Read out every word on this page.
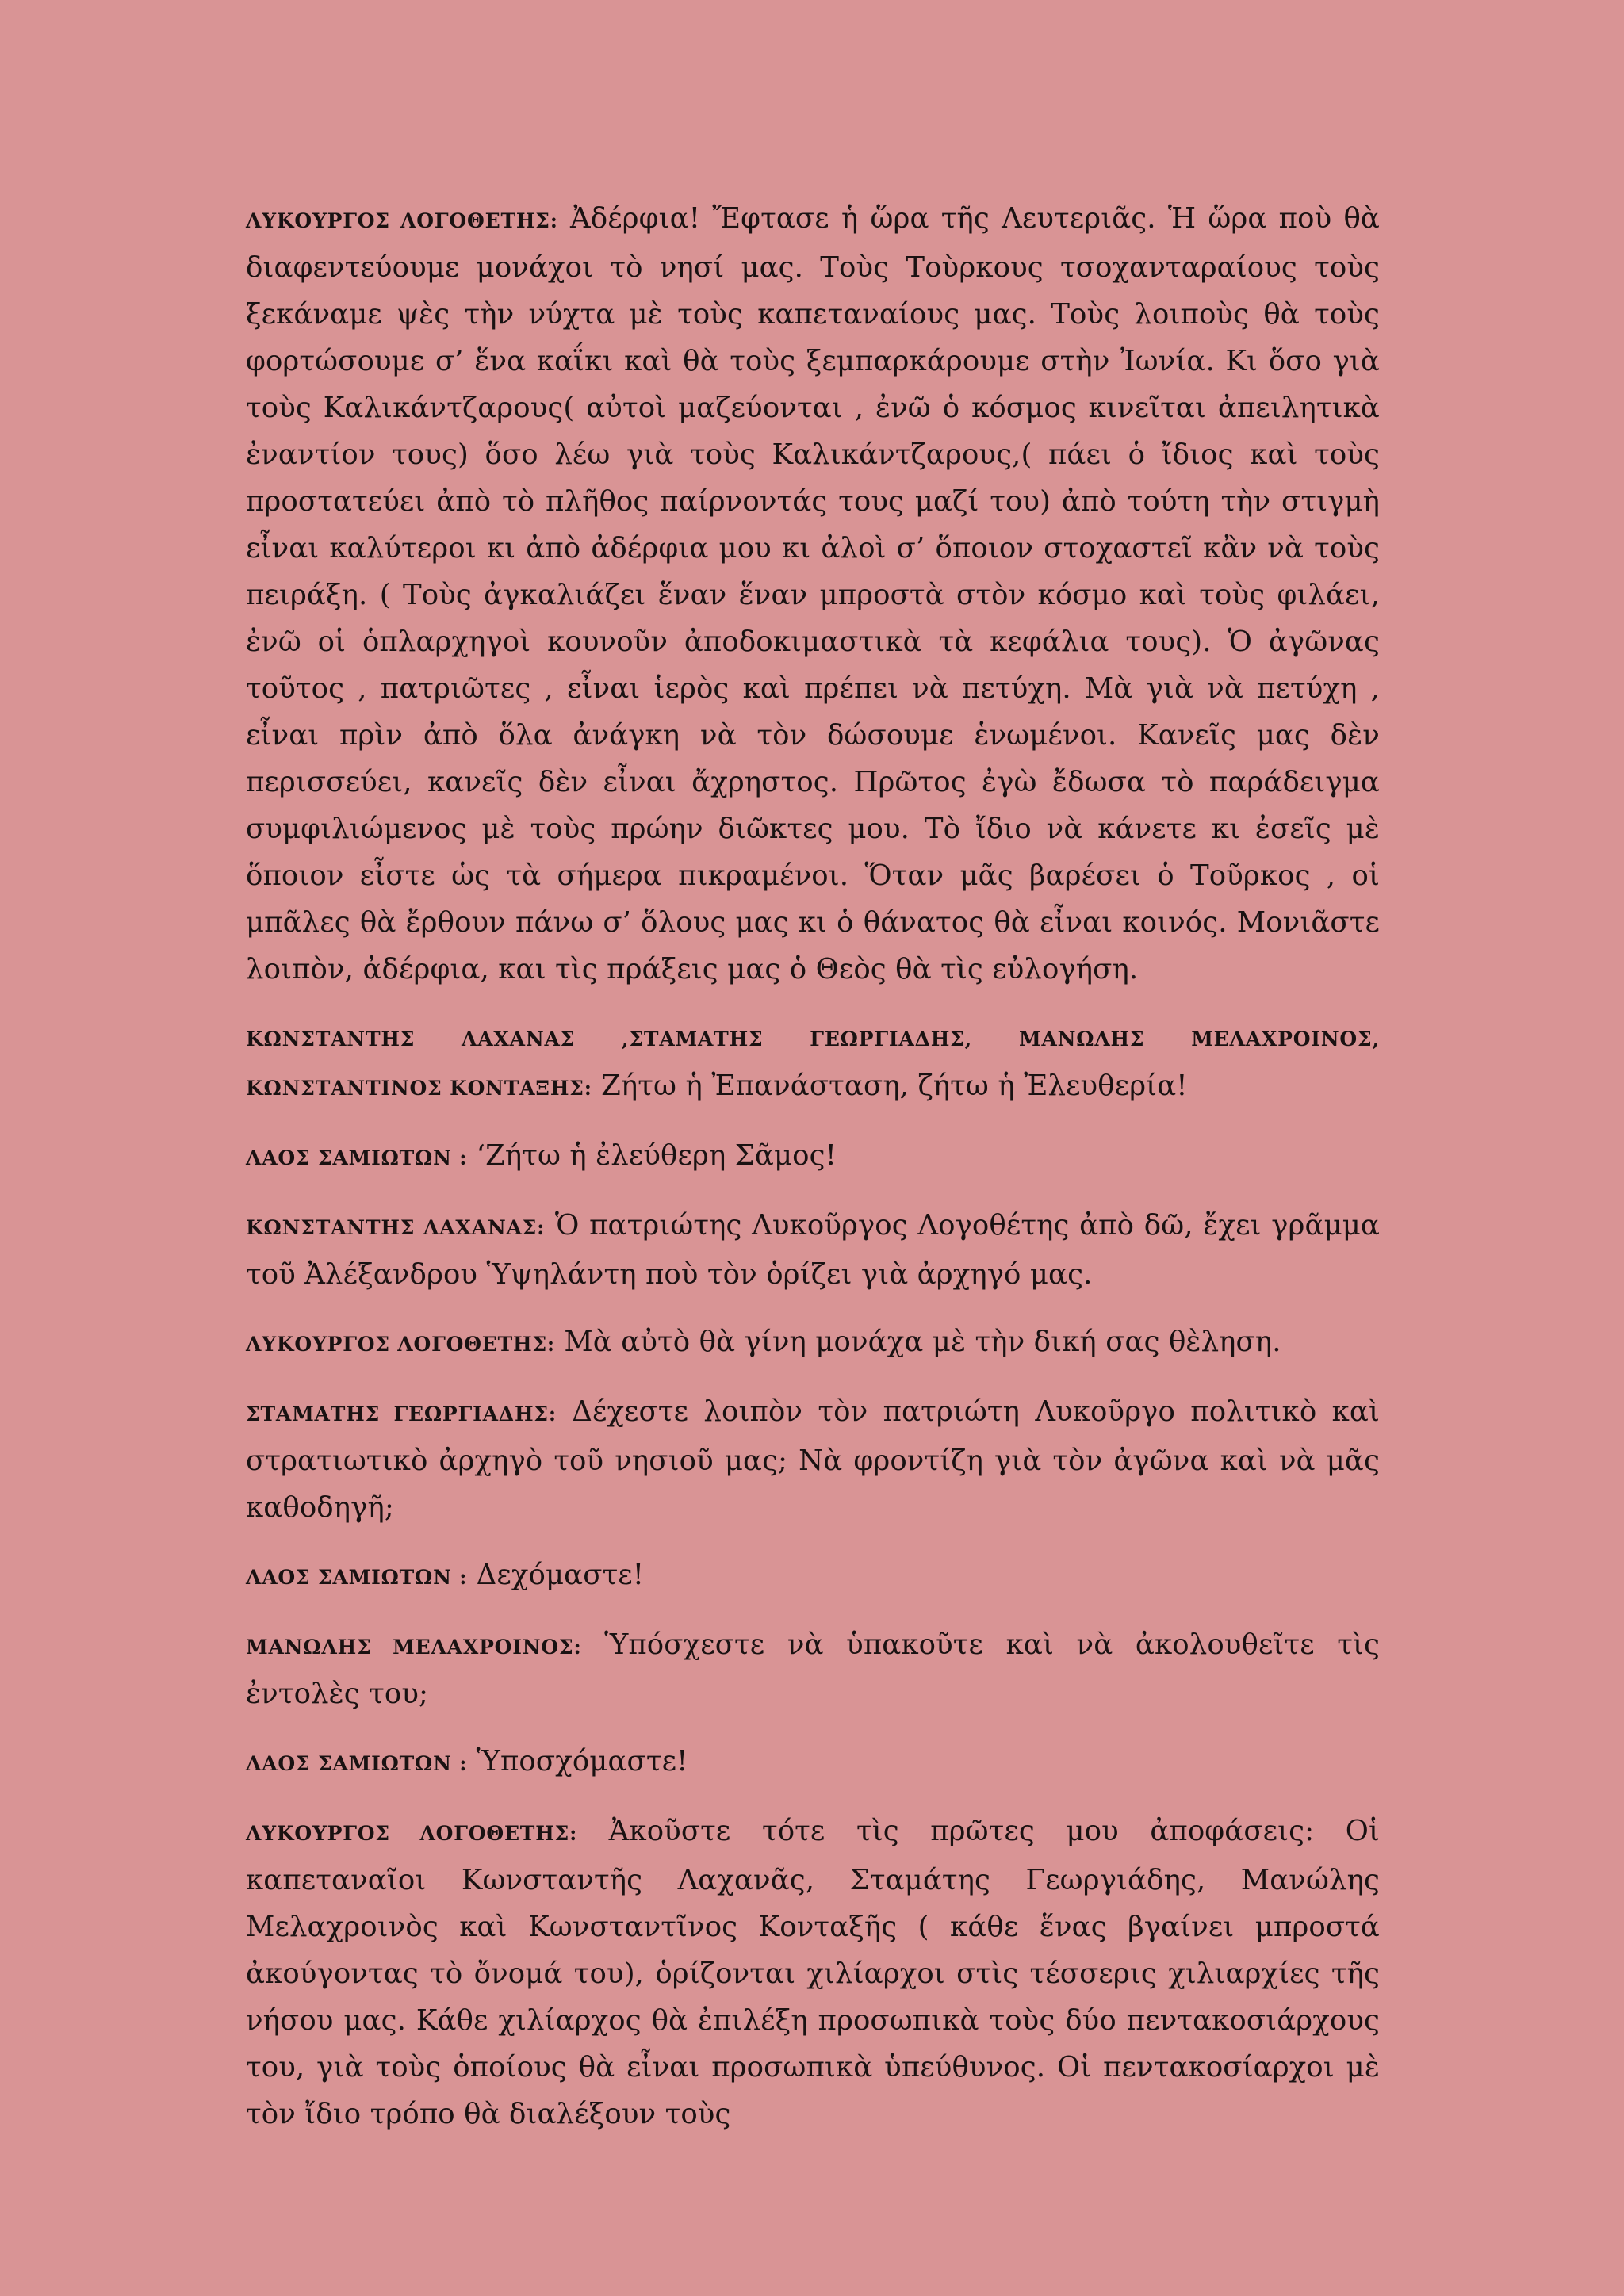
ΛΥΚΟΥΡΓΟΣ ΛΟΓΟΘΕΤΗΣ: Ἀδέρφια! Ἔφτασε ἡ ὥρα τῆς Λευτεριᾶς. Ἡ ὥρα ποὺ θὰ διαφεντεύουμε μονάχοι τὸ νησί μας. Τοὺς Τοὺρκους τσοχανταραίους τοὺς ξεκάναμε ψὲς τὴν νύχτα μὲ τοὺς καπεταναίους μας. Τοὺς λοιποὺς θὰ τοὺς φορτώσουμε σ’ ἕνα καΐκι καὶ θὰ τοὺς ξεμπαρκάρουμε στὴν Ἰωνία. Κι ὅσο γιὰ τοὺς Καλικάντζαρους( αὐτοὶ μαζεύονται , ἐνῶ ὁ κόσμος κινεῖται ἀπειλητικὰ ἐναντίον τους) ὅσο λέω γιὰ τοὺς Καλικάντζαρους,( πάει ὁ ἴδιος καὶ τοὺς προστατεύει ἀπὸ τὸ πλῆθος παίρνοντάς τους μαζί του) ἀπὸ τούτη τὴν στιγμὴ εἶναι καλύτεροι κι ἀπὸ ἀδέρφια μου κι ἀλοὶ σ’ ὅποιον στοχαστεῖ κἂν νὰ τοὺς πειράξη. ( Τοὺς ἀγκαλιάζει ἕναν ἕναν μπροστὰ στὸν κόσμο καὶ τοὺς φιλάει, ἐνῶ οἱ ὁπλαρχηγοὶ κουνοῦν ἀποδοκιμαστικὰ τὰ κεφάλια τους). Ὁ ἀγῶνας τοῦτος , πατριῶτες , εἶναι ἱερὸς καὶ πρέπει νὰ πετύχη. Μὰ γιὰ νὰ πετύχη , εἶναι πρὶν ἀπὸ ὅλα ἀνάγκη νὰ τὸν δώσουμε ἑνωμένοι. Κανεῖς μας δὲν περισσεύει, κανεῖς δὲν εἶναι ἄχρηστος. Πρῶτος ἐγὼ ἔδωσα τὸ παράδειγμα συμφιλιώμενος μὲ τοὺς πρώην διῶκτες μου. Τὸ ἴδιο νὰ κάνετε κι ἐσεῖς μὲ ὅποιον εἶστε ὡς τὰ σήμερα πικραμένοι. Ὅταν μᾶς βαρέσει ὁ Τοῦρκος , οἱ μπᾶλες θὰ ἔρθουν πάνω σ’ ὅλους μας κι ὁ θάνατος θὰ εἶναι κοινός. Μονιᾶστε λοιπὸν, ἀδέρφια, και τὶς πράξεις μας ὁ Θεὸς θὰ τὶς εὐλογήση.

ΚΩΝΣΤΑΝΤΗΣ ΛΑΧΑΝΑΣ ,ΣΤΑΜΑΤΗΣ ΓΕΩΡΓΙΑΔΗΣ, ΜΑΝΩΛΗΣ ΜΕΛΑΧΡΟΙΝΟΣ, ΚΩΝΣΤΑΝΤΙΝΟΣ ΚΟΝΤΑΞΗΣ: Ζήτω ἡ Ἐπανάσταση, ζήτω ἡ Ἐλευθερία!

ΛΑΟΣ ΣΑΜΙΩΤΩΝ : ‘Ζήτω ἡ ἐλεύθερη Σᾶμος!

ΚΩΝΣΤΑΝΤΗΣ ΛΑΧΑΝΑΣ: Ὁ πατριώτης Λυκοῦργος Λογοθέτης ἀπὸ δῶ, ἔχει γρᾶμμα τοῦ Ἀλέξανδρου Ὑψηλάντη ποὺ τὸν ὁρίζει γιὰ ἀρχηγό μας.

ΛΥΚΟΥΡΓΟΣ ΛΟΓΟΘΕΤΗΣ: Μὰ αὐτὸ θὰ γίνη μονάχα μὲ τὴν δική σας θὲληση.

ΣΤΑΜΑΤΗΣ ΓΕΩΡΓΙΑΔΗΣ: Δέχεστε λοιπὸν τὸν πατριώτη Λυκοῦργο πολιτικὸ καὶ στρατιωτικὸ ἀρχηγὸ τοῦ νησιοῦ μας; Νὰ φροντίζη γιὰ τὸν ἀγῶνα καὶ νὰ μᾶς καθοδηγῆ;

ΛΑΟΣ ΣΑΜΙΩΤΩΝ : Δεχόμαστε!

ΜΑΝΩΛΗΣ ΜΕΛΑΧΡΟΙΝΟΣ: Ὑπόσχεστε νὰ ὑπακοῦτε καὶ νὰ ἀκολουθεῖτε τὶς ἐντολὲς του;

ΛΑΟΣ ΣΑΜΙΩΤΩΝ : Ὑποσχόμαστε!

ΛΥΚΟΥΡΓΟΣ ΛΟΓΟΘΕΤΗΣ: Ἀκοῦστε τότε τὶς πρῶτες μου ἀποφάσεις: Οἱ καπεταναῖοι Κωνσταντῆς Λαχανᾶς, Σταμάτης Γεωργιάδης, Μανώλης Μελαχροινὸς καὶ Κωνσταντῖνος Κονταξῆς ( κάθε ἕνας βγαίνει μπροστά ἀκούγοντας τὸ ὄνομά του), ὁρίζονται χιλίαρχοι στὶς τέσσερις χιλιαρχίες τῆς νήσου μας. Κάθε χιλίαρχος θὰ ἐπιλέξη προσωπικὰ τοὺς δύο πεντακοσιάρχους του, γιὰ τοὺς ὁποίους θὰ εἶναι προσωπικὰ ὑπεύθυνος. Οἱ πεντακοσίαρχοι μὲ τὸν ἴδιο τρόπο θὰ διαλέξουν τοὺς
